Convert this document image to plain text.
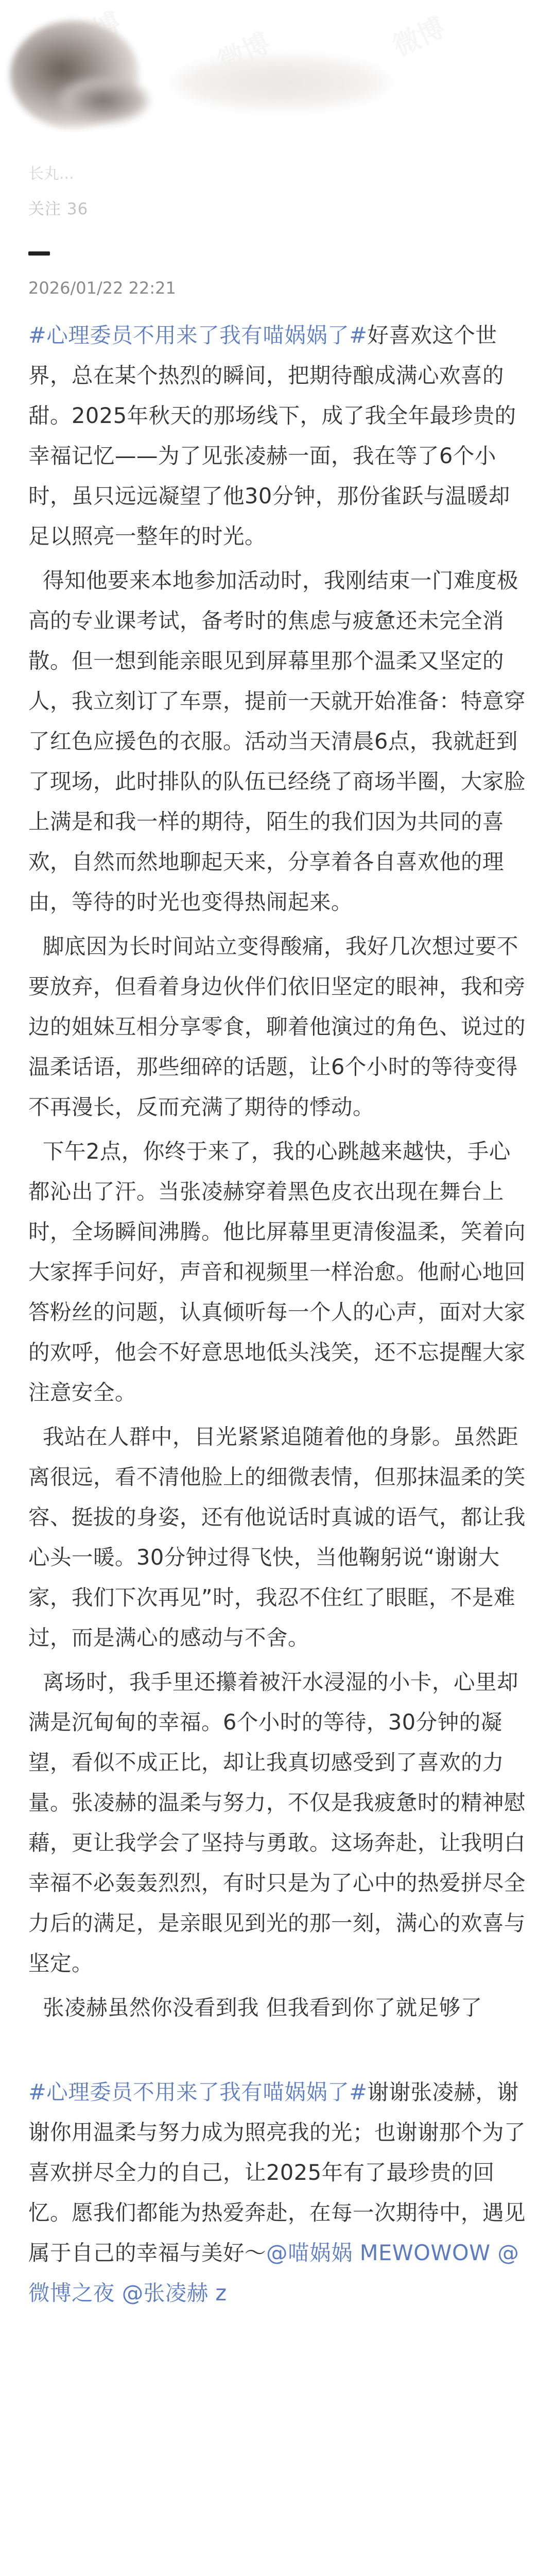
长丸...
关注 36
2026/01/22 22:21

#心理委员不用来了我有喵娲娲了#好喜欢这个世界，总在某个热烈的瞬间，把期待酿成满心欢喜的甜。2025年秋天的那场线下，成了我全年最珍贵的幸福记忆——为了见张凌赫一面，我在等了6个小时，虽只远远凝望了他30分钟，那份雀跃与温暖却足以照亮一整年的时光。

得知他要来本地参加活动时，我刚结束一门难度极高的专业课考试，备考时的焦虑与疲惫还未完全消散。但一想到能亲眼见到屏幕里那个温柔又坚定的人，我立刻订了车票，提前一天就开始准备：特意穿了红色应援色的衣服。活动当天清晨6点，我就赶到了现场，此时排队的队伍已经绕了商场半圈，大家脸上满是和我一样的期待，陌生的我们因为共同的喜欢，自然而然地聊起天来，分享着各自喜欢他的理由，等待的时光也变得热闹起来。

脚底因为长时间站立变得酸痛，我好几次想过要不要放弃，但看着身边伙伴们依旧坚定的眼神，我和旁边的姐妹互相分享零食，聊着他演过的角色、说过的温柔话语，那些细碎的话题，让6个小时的等待变得不再漫长，反而充满了期待的悸动。

下午2点，你终于来了，我的心跳越来越快，手心都沁出了汗。当张凌赫穿着黑色皮衣出现在舞台上时，全场瞬间沸腾。他比屏幕里更清俊温柔，笑着向大家挥手问好，声音和视频里一样治愈。他耐心地回答粉丝的问题，认真倾听每一个人的心声，面对大家的欢呼，他会不好意思地低头浅笑，还不忘提醒大家注意安全。

我站在人群中，目光紧紧追随着他的身影。虽然距离很远，看不清他脸上的细微表情，但那抹温柔的笑容、挺拔的身姿，还有他说话时真诚的语气，都让我心头一暖。30分钟过得飞快，当他鞠躬说“谢谢大家，我们下次再见”时，我忍不住红了眼眶，不是难过，而是满心的感动与不舍。

离场时，我手里还攥着被汗水浸湿的小卡，心里却满是沉甸甸的幸福。6个小时的等待，30分钟的凝望，看似不成正比，却让我真切感受到了喜欢的力量。张凌赫的温柔与努力，不仅是我疲惫时的精神慰藉，更让我学会了坚持与勇敢。这场奔赴，让我明白幸福不必轰轰烈烈，有时只是为了心中的热爱拼尽全力后的满足，是亲眼见到光的那一刻，满心的欢喜与坚定。

张凌赫虽然你没看到我 但我看到你了就足够了

#心理委员不用来了我有喵娲娲了#谢谢张凌赫，谢谢你用温柔与努力成为照亮我的光；也谢谢那个为了喜欢拼尽全力的自己，让2025年有了最珍贵的回忆。愿我们都能为热爱奔赴，在每一次期待中，遇见属于自己的幸福与美好～@喵娲娲 MEWOWOW @微博之夜 @张凌赫 z
